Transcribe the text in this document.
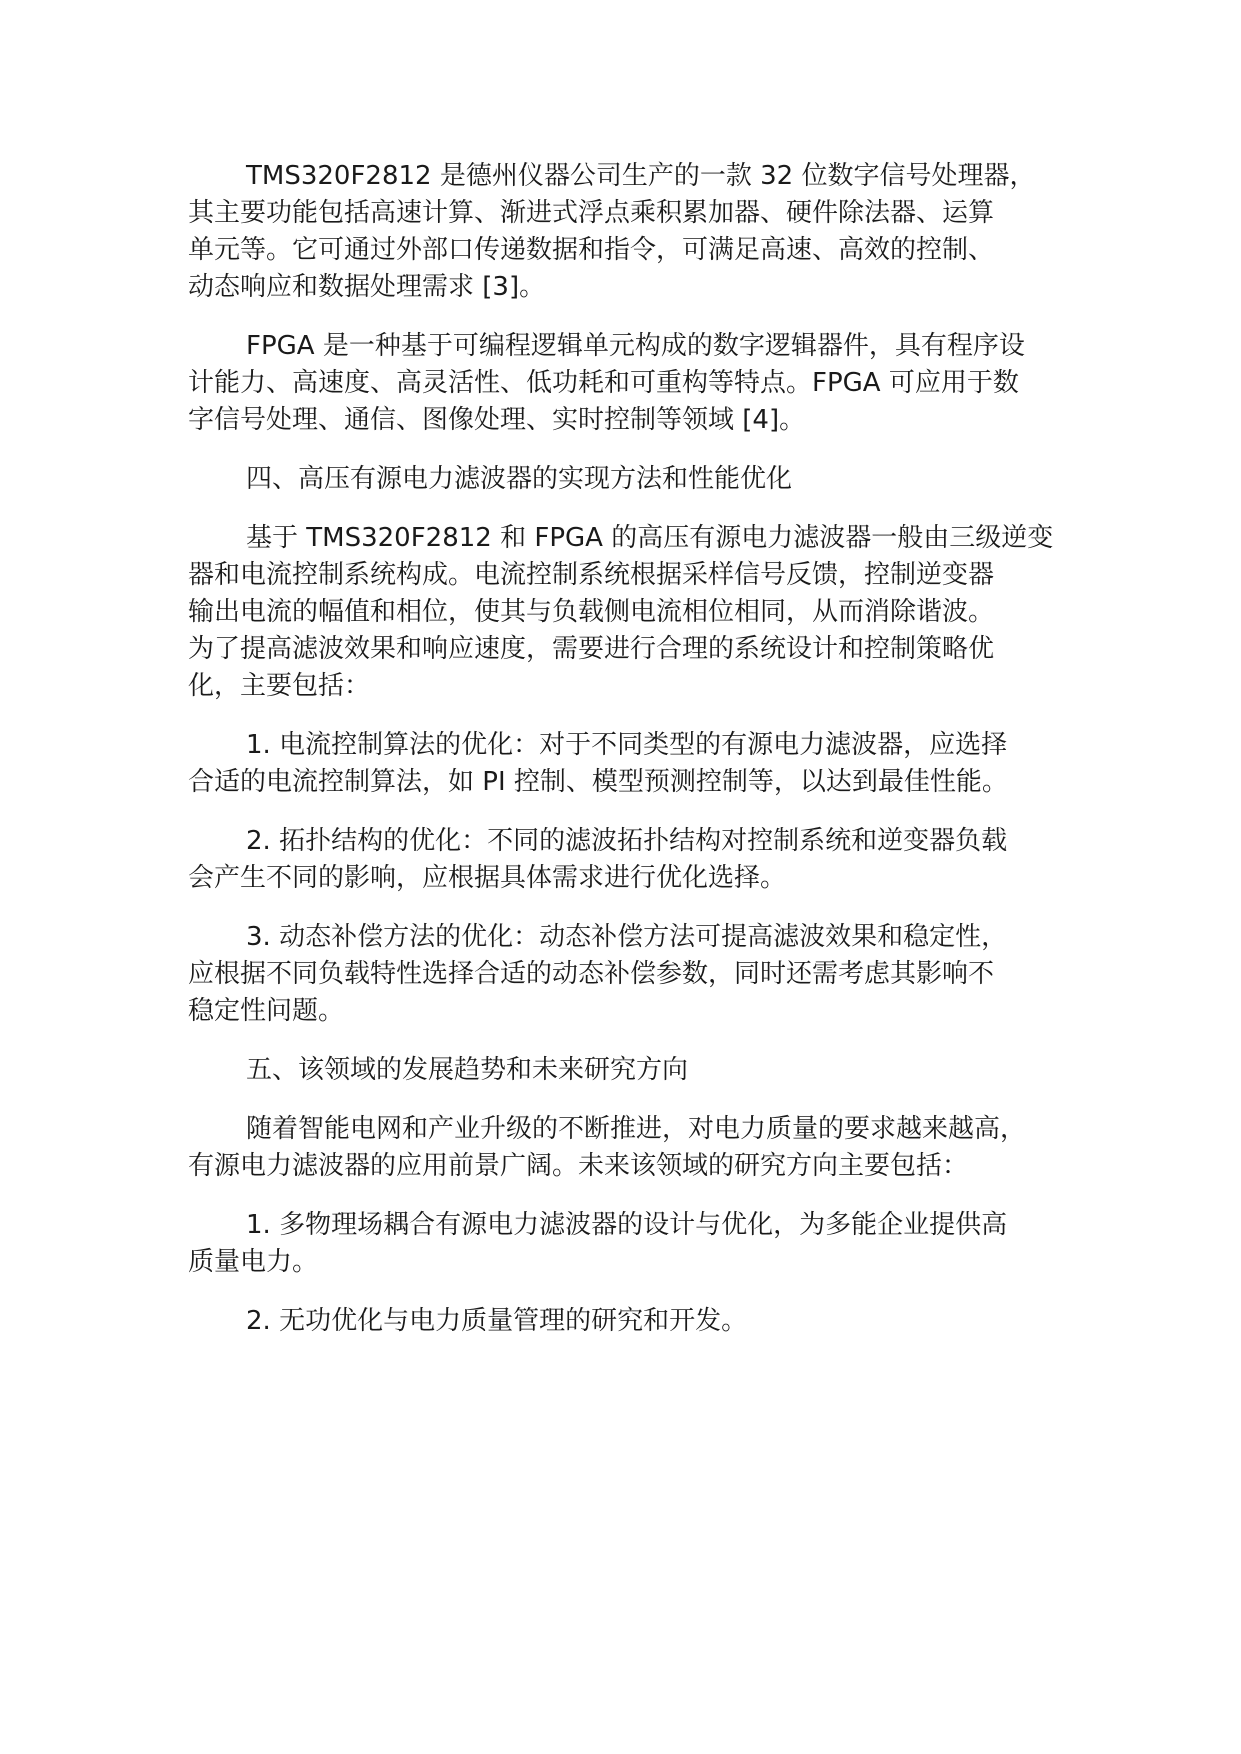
TMS320F2812 是德州仪器公司生产的一款 32 位数字信号处理器，
其主要功能包括高速计算、渐进式浮点乘积累加器、硬件除法器、运算
单元等。它可通过外部口传递数据和指令，可满足高速、高效的控制、
动态响应和数据处理需求 [3]。

FPGA 是一种基于可编程逻辑单元构成的数字逻辑器件，具有程序设
计能力、高速度、高灵活性、低功耗和可重构等特点。FPGA 可应用于数
字信号处理、通信、图像处理、实时控制等领域 [4]。

四、高压有源电力滤波器的实现方法和性能优化

基于 TMS320F2812 和 FPGA 的高压有源电力滤波器一般由三级逆变
器和电流控制系统构成。电流控制系统根据采样信号反馈，控制逆变器
输出电流的幅值和相位，使其与负载侧电流相位相同，从而消除谐波。
为了提高滤波效果和响应速度，需要进行合理的系统设计和控制策略优
化，主要包括：

1. 电流控制算法的优化：对于不同类型的有源电力滤波器，应选择
合适的电流控制算法，如 PI 控制、模型预测控制等，以达到最佳性能。

2. 拓扑结构的优化：不同的滤波拓扑结构对控制系统和逆变器负载
会产生不同的影响，应根据具体需求进行优化选择。

3. 动态补偿方法的优化：动态补偿方法可提高滤波效果和稳定性，
应根据不同负载特性选择合适的动态补偿参数，同时还需考虑其影响不
稳定性问题。

五、该领域的发展趋势和未来研究方向

随着智能电网和产业升级的不断推进，对电力质量的要求越来越高，
有源电力滤波器的应用前景广阔。未来该领域的研究方向主要包括：

1. 多物理场耦合有源电力滤波器的设计与优化，为多能企业提供高
质量电力。

2. 无功优化与电力质量管理的研究和开发。
